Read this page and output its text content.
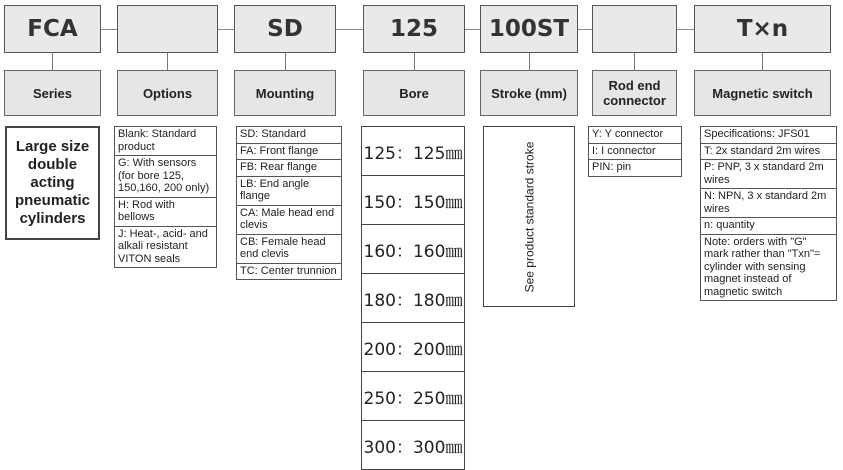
FCA	SD	125 100ST	T×n
Series	Options	Mounting	Bore	Stroke (mm)	Rod end
connector	Magnetic switch
Large size double acting pneumatic cylinders
Blank: Standard product
G: With sensors (for bore 125, 150,160, 200 only)
H: Rod with bellows
J: Heat-, acid- and alkali resistant VITON seals
SD: Standard
FA: Front flange
FB: Rear flange
LB: End angle flange
CA: Male head end clevis
CB: Female head end clevis
TC: Center trunnion
125：125㎜
150：150㎜
160：160㎜
180：180㎜
200：200㎜
250：250㎜
300：300㎜
See product standard stroke
Y: Y connector
I: I connector
PIN: pin
Specifications: JFS01
T: 2x standard 2m wires
P: PNP, 3 x standard 2m wires
N: NPN, 3 x standard 2m wires
n: quantity
Note: orders with "G" mark rather than "Txn"= cylinder with sensing magnet instead of magnetic switch
